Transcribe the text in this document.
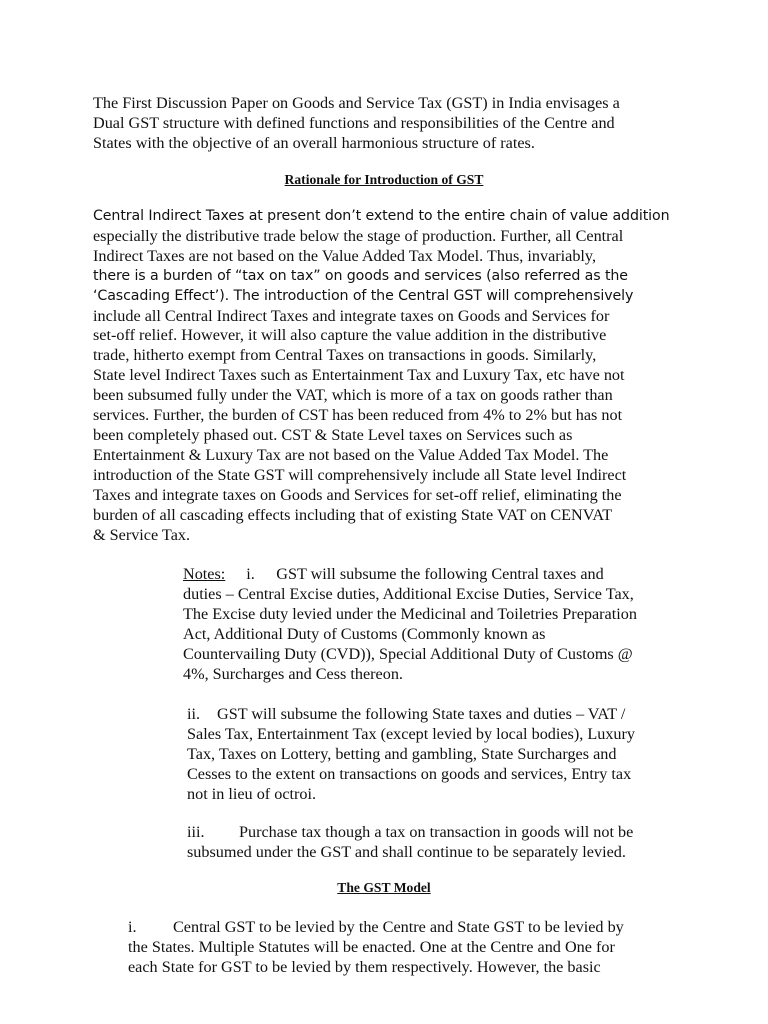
The First Discussion Paper on Goods and Service Tax (GST) in India envisages a
Dual GST structure with defined functions and responsibilities of the Centre and
States with the objective of an overall harmonious structure of rates.

Rationale for Introduction of GST

Central Indirect Taxes at present don’t extend to the entire chain of value addition
especially the distributive trade below the stage of production. Further, all Central
Indirect Taxes are not based on the Value Added Tax Model. Thus, invariably,
there is a burden of “tax on tax” on goods and services (also referred as the
‘Cascading Effect’). The introduction of the Central GST will comprehensively
include all Central Indirect Taxes and integrate taxes on Goods and Services for
set-off relief. However, it will also capture the value addition in the distributive
trade, hitherto exempt from Central Taxes on transactions in goods. Similarly,
State level Indirect Taxes such as Entertainment Tax and Luxury Tax, etc have not
been subsumed fully under the VAT, which is more of a tax on goods rather than
services. Further, the burden of CST has been reduced from 4% to 2% but has not
been completely phased out. CST & State Level taxes on Services such as
Entertainment & Luxury Tax are not based on the Value Added Tax Model. The
introduction of the State GST will comprehensively include all State level Indirect
Taxes and integrate taxes on Goods and Services for set-off relief, eliminating the
burden of all cascading effects including that of existing State VAT on CENVAT
& Service Tax.
Notes: i. GST will subsume the following Central taxes and
duties – Central Excise duties, Additional Excise Duties, Service Tax,
The Excise duty levied under the Medicinal and Toiletries Preparation
Act, Additional Duty of Customs (Commonly known as
Countervailing Duty (CVD)), Special Additional Duty of Customs @
4%, Surcharges and Cess thereon.
ii. GST will subsume the following State taxes and duties – VAT /
Sales Tax, Entertainment Tax (except levied by local bodies), Luxury
Tax, Taxes on Lottery, betting and gambling, State Surcharges and
Cesses to the extent on transactions on goods and services, Entry tax
not in lieu of octroi.
iii. Purchase tax though a tax on transaction in goods will not be
subsumed under the GST and shall continue to be separately levied.

The GST Model

i. Central GST to be levied by the Centre and State GST to be levied by
the States. Multiple Statutes will be enacted. One at the Centre and One for
each State for GST to be levied by them respectively. However, the basic
